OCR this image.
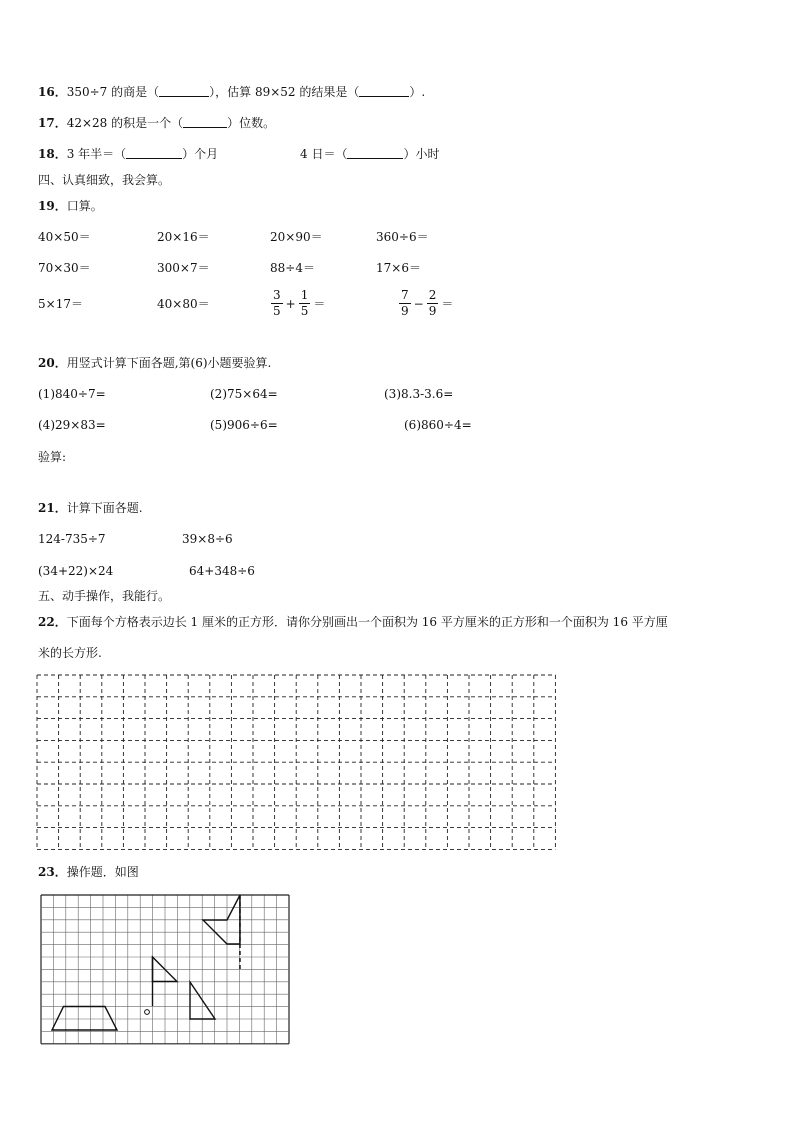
16．350÷7 的商是（	），估算 89×52 的结果是（	）.
17．42×28 的积是一个（	）位数。
18．3 年半＝（	）个月	4 日＝（	）小时
四、认真细致，我会算。
19．口算。
40×50＝	20×16＝	20×90＝	360÷6＝
70×30＝	300×7＝	88÷4＝	17×6＝
5×17＝	40×80＝	$\frac{3}{5} + \frac{1}{5}$ ＝	$\frac{7}{9} - \frac{2}{9}$ ＝
20．用竖式计算下面各题,第(6)小题要验算.
(1)840÷7=	(2)75×64=	(3)8.3-3.6=
(4)29×83=	(5)906÷6=	(6)860÷4=
验算:
21．计算下面各题.
124-735÷7	39×8÷6
(34+22)×24	64+348÷6
五、动手操作，我能行。
22．下面每个方格表示边长 1 厘米的正方形．请你分别画出一个面积为 16 平方厘米的正方形和一个面积为 16 平方厘
米的长方形.
23．操作题．如图
